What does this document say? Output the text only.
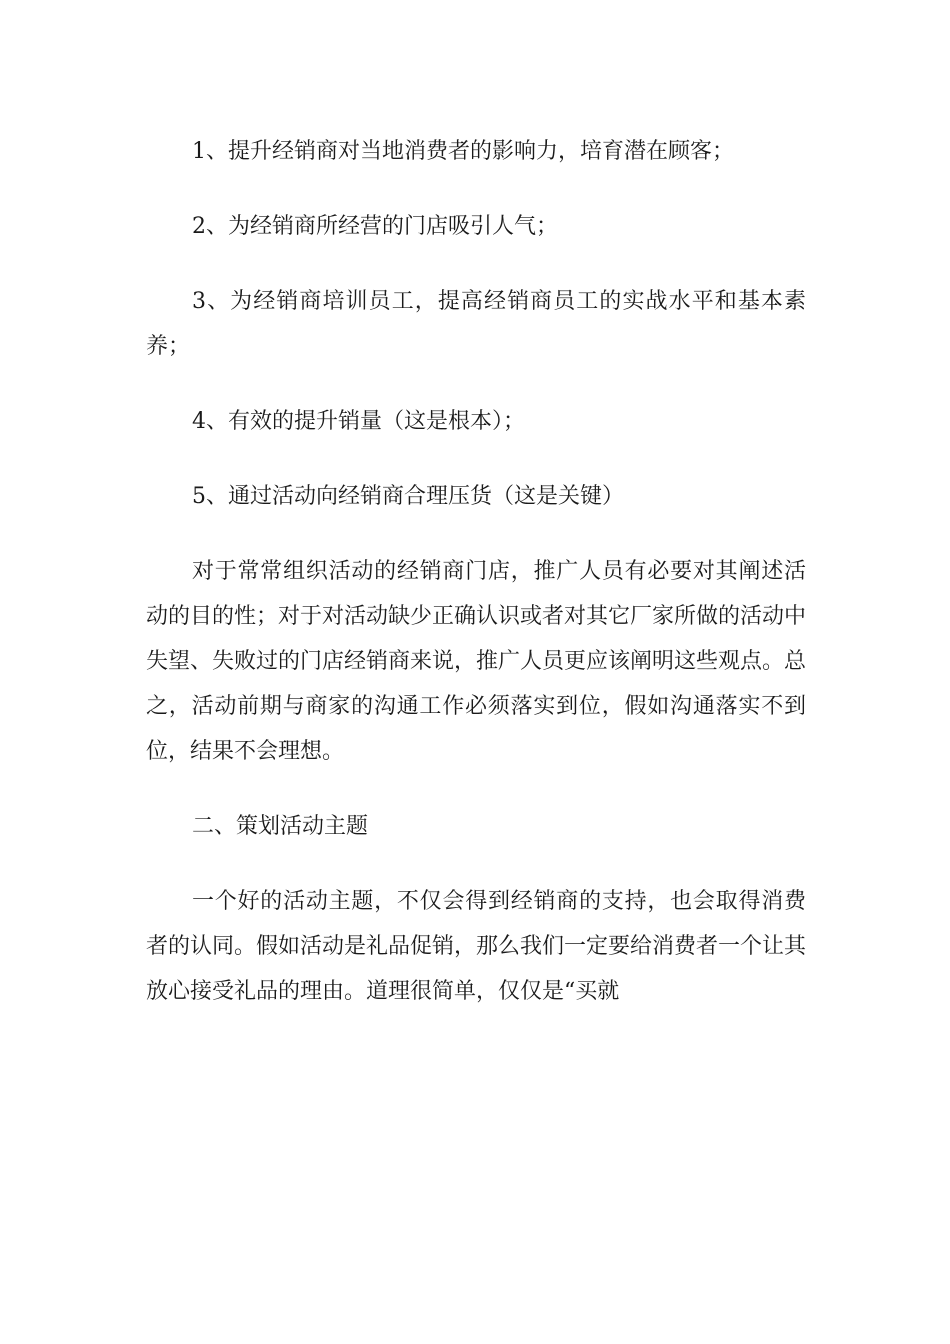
1、提升经销商对当地消费者的影响力，培育潜在顾客；

2、为经销商所经营的门店吸引人气；

3、为经销商培训员工，提高经销商员工的实战水平和基本素养；

4、有效的提升销量（这是根本）；

5、通过活动向经销商合理压货（这是关键）

对于常常组织活动的经销商门店，推广人员有必要对其阐述活动的目的性；对于对活动缺少正确认识或者对其它厂家所做的活动中失望、失败过的门店经销商来说，推广人员更应该阐明这些观点。总之，活动前期与商家的沟通工作必须落实到位，假如沟通落实不到位，结果不会理想。

二、策划活动主题

一个好的活动主题，不仅会得到经销商的支持，也会取得消费者的认同。假如活动是礼品促销，那么我们一定要给消费者一个让其放心接受礼品的理由。道理很简单，仅仅是“买就
